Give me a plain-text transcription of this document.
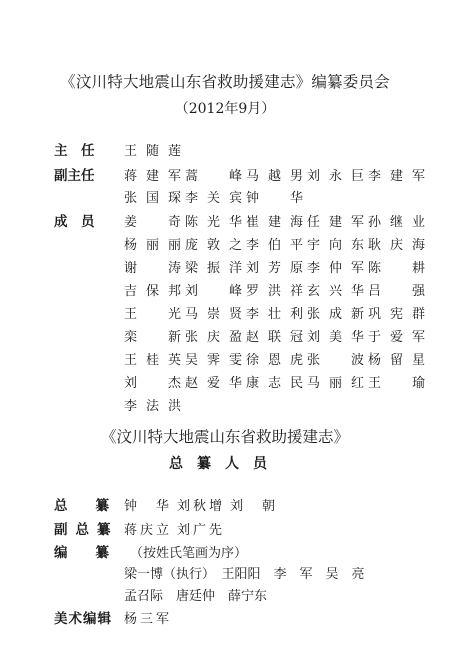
《汶川特大地震山东省救助援建志》编纂委员会
（2012年9月）
主　任 王随莲
副主任 蒋建军 蒿　峰 马越男 刘永巨 李建军
张国琛 李关宾 钟　华
成　员 姜　奇 陈光华 崔建海 任建军 孙继业
杨丽丽 庞敦之 李伯平 宇向东 耿庆海
谢　涛 梁振洋 刘芳原 李仲军 陈　耕
吉保邦 刘　峰 罗洪祥 玄兴华 吕　强
王　光 马崇贤 李壮利 张成新 巩宪群
栾　新 张庆盈 赵联冠 刘美华 于爱军
王桂英 吴霁雯 徐恩虎 张　波 杨留星
刘　杰 赵爱华 康志民 马丽红 王　瑜
李法洪
《汶川特大地震山东省救助援建志》
总纂人员
总纂
钟　华 刘秋增 刘　朝
副总纂 蒋庆立 刘广先
编纂
（按姓氏笔画为序）
梁一博（执行）　王阳阳　李　军　吴　亮
孟召际　唐廷仲　薛宁东
美术编辑 杨三军
